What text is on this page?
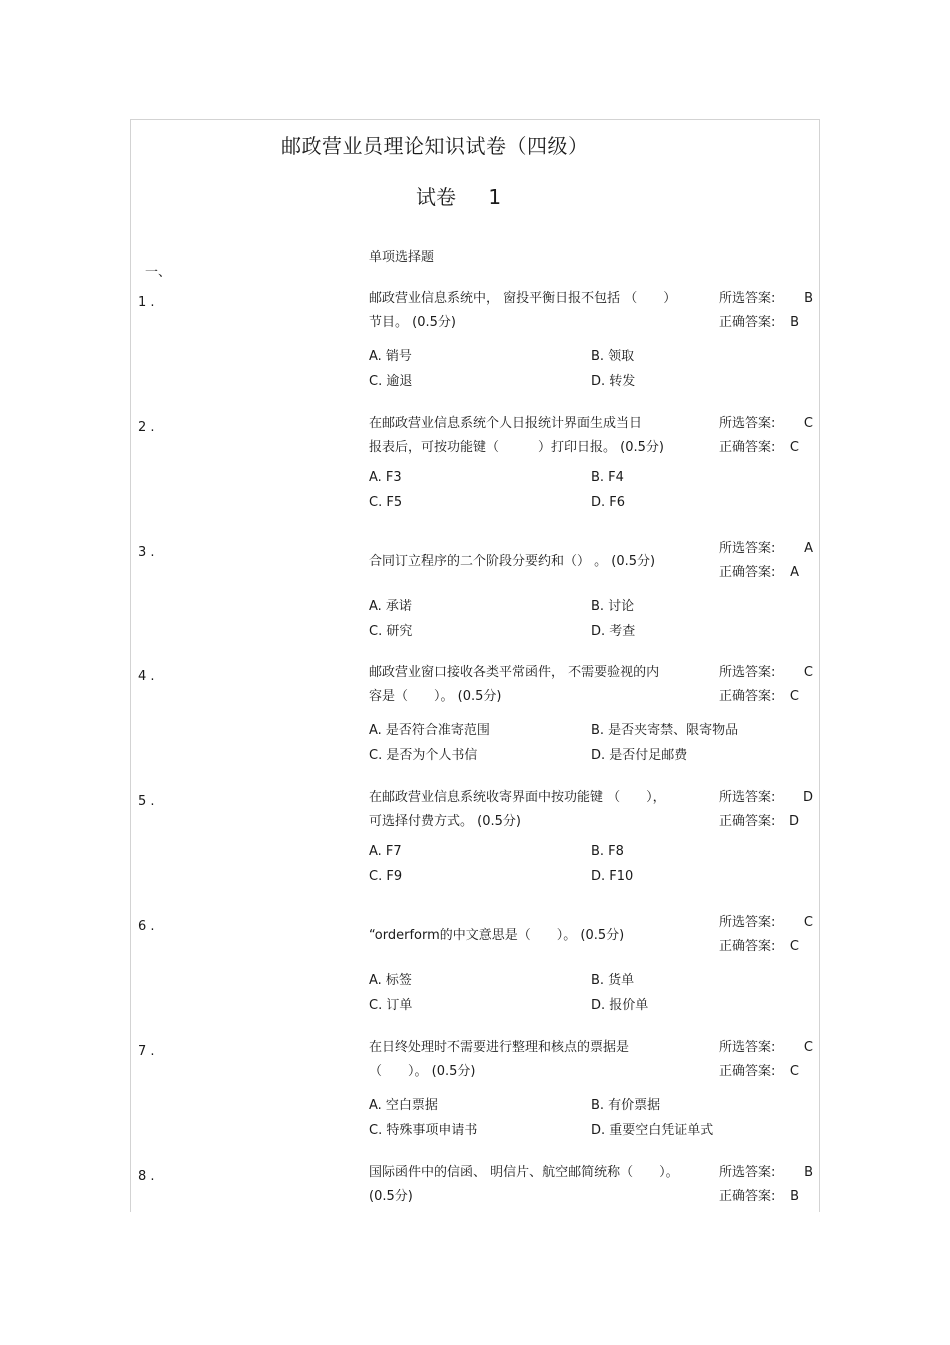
邮政营业员理论知识试卷（四级）
试卷 1
一、
单项选择题
1 .	邮政营业信息系统中， 窗投平衡日报不包括 （　　）
节目。 (0.5分)
所选答案: B
正确答案: B
A. 销号	B. 领取
C. 逾退	D. 转发
2 .	在邮政营业信息系统个人日报统计界面生成当日
报表后，可按功能键（　　　）打印日报。 (0.5分)
所选答案: C
正确答案: C
A. F3	B. F4
C. F5	D. F6
3 .
合同订立程序的二个阶段分要约和（） 。 (0.5分)
所选答案: A
正确答案: A
A. 承诺	B. 讨论
C. 研究	D. 考查
4 .	邮政营业窗口接收各类平常函件， 不需要验视的内
容是（　　）。 (0.5分)
所选答案: C
正确答案: C
A. 是否符合准寄范围	B. 是否夹寄禁、限寄物品
C. 是否为个人书信	D. 是否付足邮费
5 .	在邮政营业信息系统收寄界面中按功能键 （　　），
可选择付费方式。 (0.5分)
所选答案: D
正确答案: D
A. F7	B. F8
C. F9	D. F10
6 .
“orderform的中文意思是（　　）。 (0.5分)
所选答案: C
正确答案: C
A. 标签	B. 货单
C. 订单	D. 报价单
7 .	在日终处理时不需要进行整理和核点的票据是
（　　）。 (0.5分)
所选答案: C
正确答案: C
A. 空白票据	B. 有价票据
C. 特殊事项申请书	D. 重要空白凭证单式
8 .	国际函件中的信函、 明信片、航空邮简统称（　　）。
(0.5分)
所选答案: B
正确答案: B
